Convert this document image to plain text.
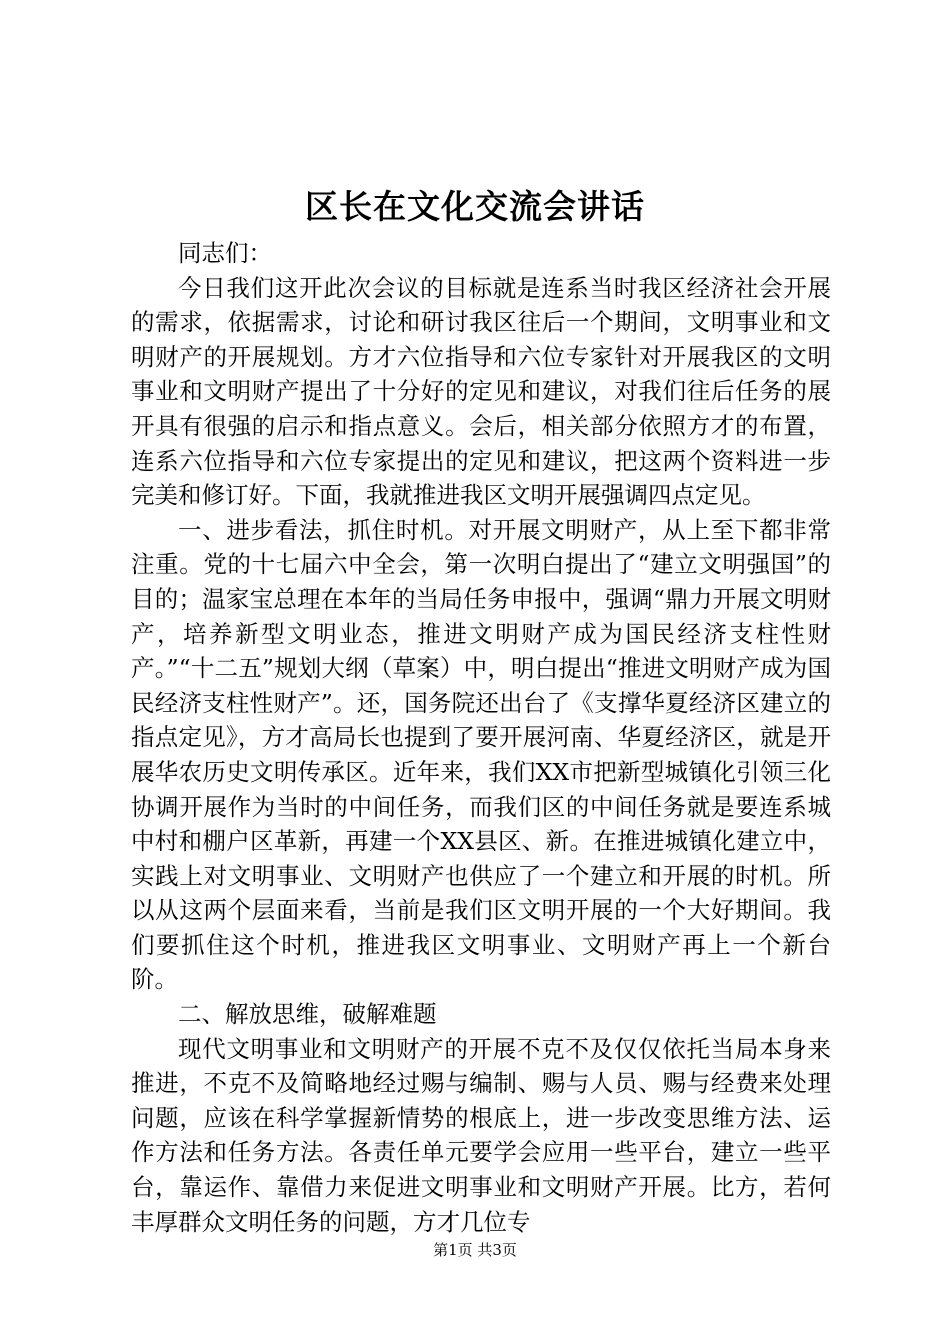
区长在文化交流会讲话

同志们：

今日我们这开此次会议的目标就是连系当时我区经济社会开展的需求，依据需求，讨论和研讨我区往后一个期间，文明事业和文明财产的开展规划。方才六位指导和六位专家针对开展我区的文明事业和文明财产提出了十分好的定见和建议，对我们往后任务的展开具有很强的启示和指点意义。会后，相关部分依照方才的布置，连系六位指导和六位专家提出的定见和建议，把这两个资料进一步完美和修订好。下面，我就推进我区文明开展强调四点定见。

一、进步看法，抓住时机。对开展文明财产，从上至下都非常注重。党的十七届六中全会，第一次明白提出了“建立文明强国”的目的；温家宝总理在本年的当局任务申报中，强调“鼎力开展文明财产，培养新型文明业态，推进文明财产成为国民经济支柱性财产。”“十二五”规划大纲（草案）中，明白提出“推进文明财产成为国民经济支柱性财产”。还，国务院还出台了《支撑华夏经济区建立的指点定见》，方才高局长也提到了要开展河南、华夏经济区，就是开展华农历史文明传承区。近年来，我们XX市把新型城镇化引领三化协调开展作为当时的中间任务，而我们区的中间任务就是要连系城中村和棚户区革新，再建一个XX县区、新。在推进城镇化建立中，实践上对文明事业、文明财产也供应了一个建立和开展的时机。所以从这两个层面来看，当前是我们区文明开展的一个大好期间。我们要抓住这个时机，推进我区文明事业、文明财产再上一个新台阶。

二、解放思维，破解难题

现代文明事业和文明财产的开展不克不及仅仅依托当局本身来推进，不克不及简略地经过赐与编制、赐与人员、赐与经费来处理问题，应该在科学掌握新情势的根底上，进一步改变思维方法、运作方法和任务方法。各责任单元要学会应用一些平台，建立一些平台，靠运作、靠借力来促进文明事业和文明财产开展。比方，若何丰厚群众文明任务的问题，方才几位专

第1页 共3页
